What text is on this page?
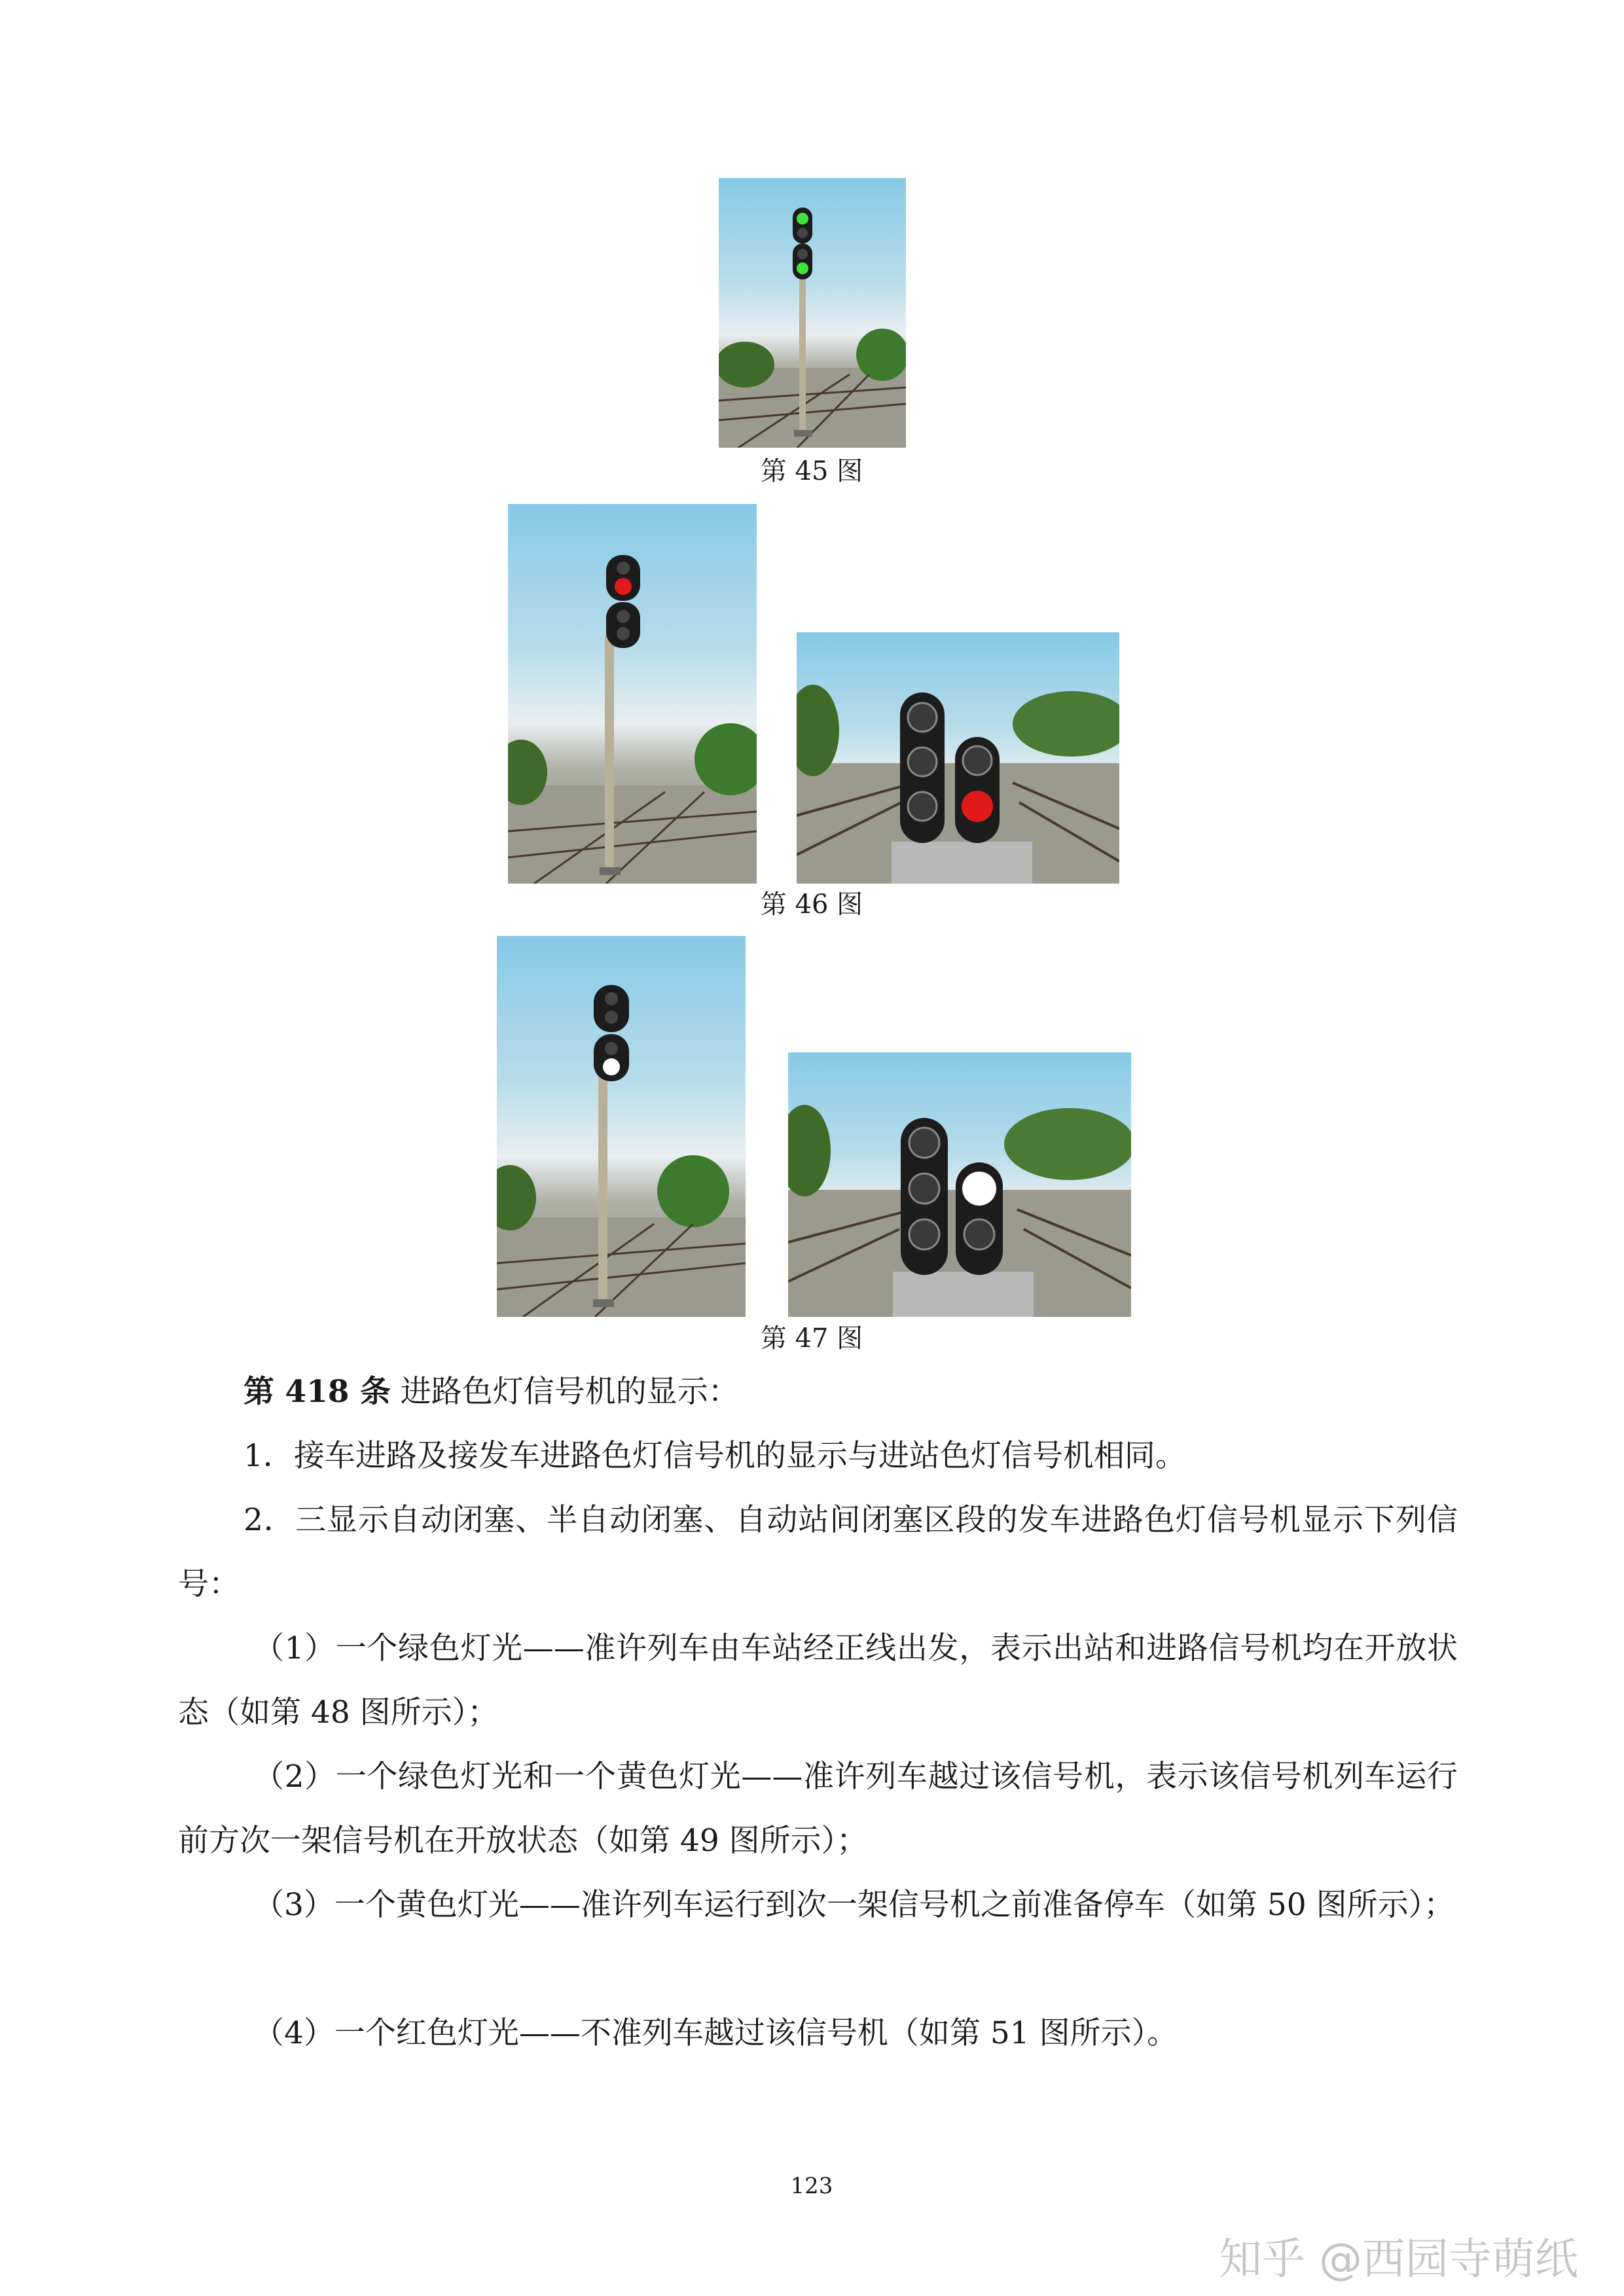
第 45 图
第 46 图
第 47 图

第 418 条 进路色灯信号机的显示：

1．接车进路及接发车进路色灯信号机的显示与进站色灯信号机相同。

2．三显示自动闭塞、半自动闭塞、自动站间闭塞区段的发车进路色灯信号机显示下列信号：

（1）一个绿色灯光——准许列车由车站经正线出发，表示出站和进路信号机均在开放状态（如第 48 图所示）；

（2）一个绿色灯光和一个黄色灯光——准许列车越过该信号机，表示该信号机列车运行前方次一架信号机在开放状态（如第 49 图所示）；

（3）一个黄色灯光——准许列车运行到次一架信号机之前准备停车（如第 50 图所示）；

（4）一个红色灯光——不准列车越过该信号机（如第 51 图所示）。

123
知乎 @西园寺萌纸
